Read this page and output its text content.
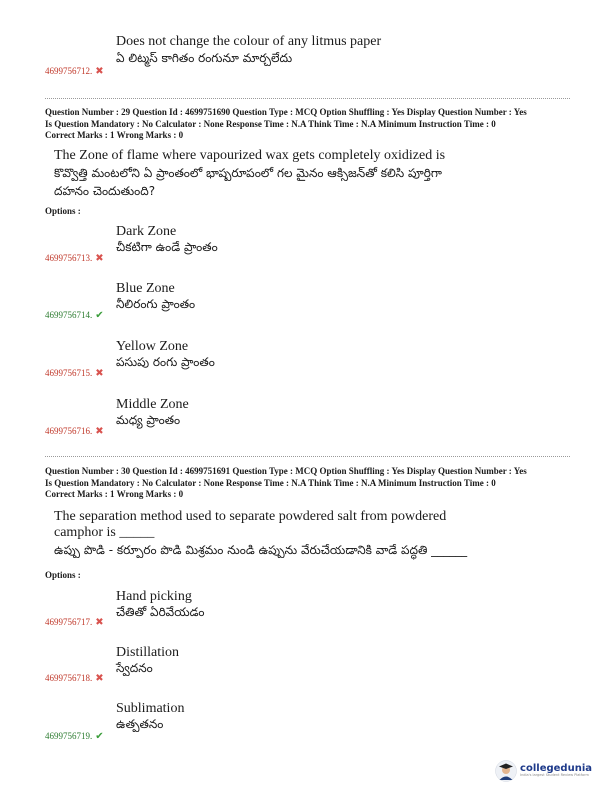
Does not change the colour of any litmus paper
ఏ లిట్మస్ కాగితం రంగునూ మార్చలేదు
4699756712. ✖
Question Number : 29 Question Id : 4699751690 Question Type : MCQ Option Shuffling : Yes Display Question Number : Yes
Is Question Mandatory : No Calculator : None Response Time : N.A Think Time : N.A Minimum Instruction Time : 0
Correct Marks : 1 Wrong Marks : 0
The Zone of flame where vapourized wax gets completely oxidized is
కొవ్వొత్తి మంటలోని ఏ ప్రాంతంలో భాష్పరూపంలో గల మైనం ఆక్సిజన్‌తో కలిసి పూర్తిగా
దహనం చెందుతుంది?
Options :
Dark Zone
చీకటిగా ఉండే ప్రాంతం
4699756713. ✖
Blue Zone
నీలిరంగు ప్రాంతం
4699756714. ✔
Yellow Zone
పసుపు రంగు ప్రాంతం
4699756715. ✖
Middle Zone
మధ్య ప్రాంతం
4699756716. ✖
Question Number : 30 Question Id : 4699751691 Question Type : MCQ Option Shuffling : Yes Display Question Number : Yes
Is Question Mandatory : No Calculator : None Response Time : N.A Think Time : N.A Minimum Instruction Time : 0
Correct Marks : 1 Wrong Marks : 0
The separation method used to separate powdered salt from powdered
camphor is _____
ఉప్పు పొడి - కర్పూరం పొడి మిశ్రమం నుండి ఉప్పును వేరుచేయడానికి వాడే పద్ధతి ______
Options :
Hand picking
చేతితో ఏరివేయడం
4699756717. ✖
Distillation
స్వేదనం
4699756718. ✖
Sublimation
ఉత్పతనం
4699756719. ✔
collegedunia
India's largest Student Review Platform
